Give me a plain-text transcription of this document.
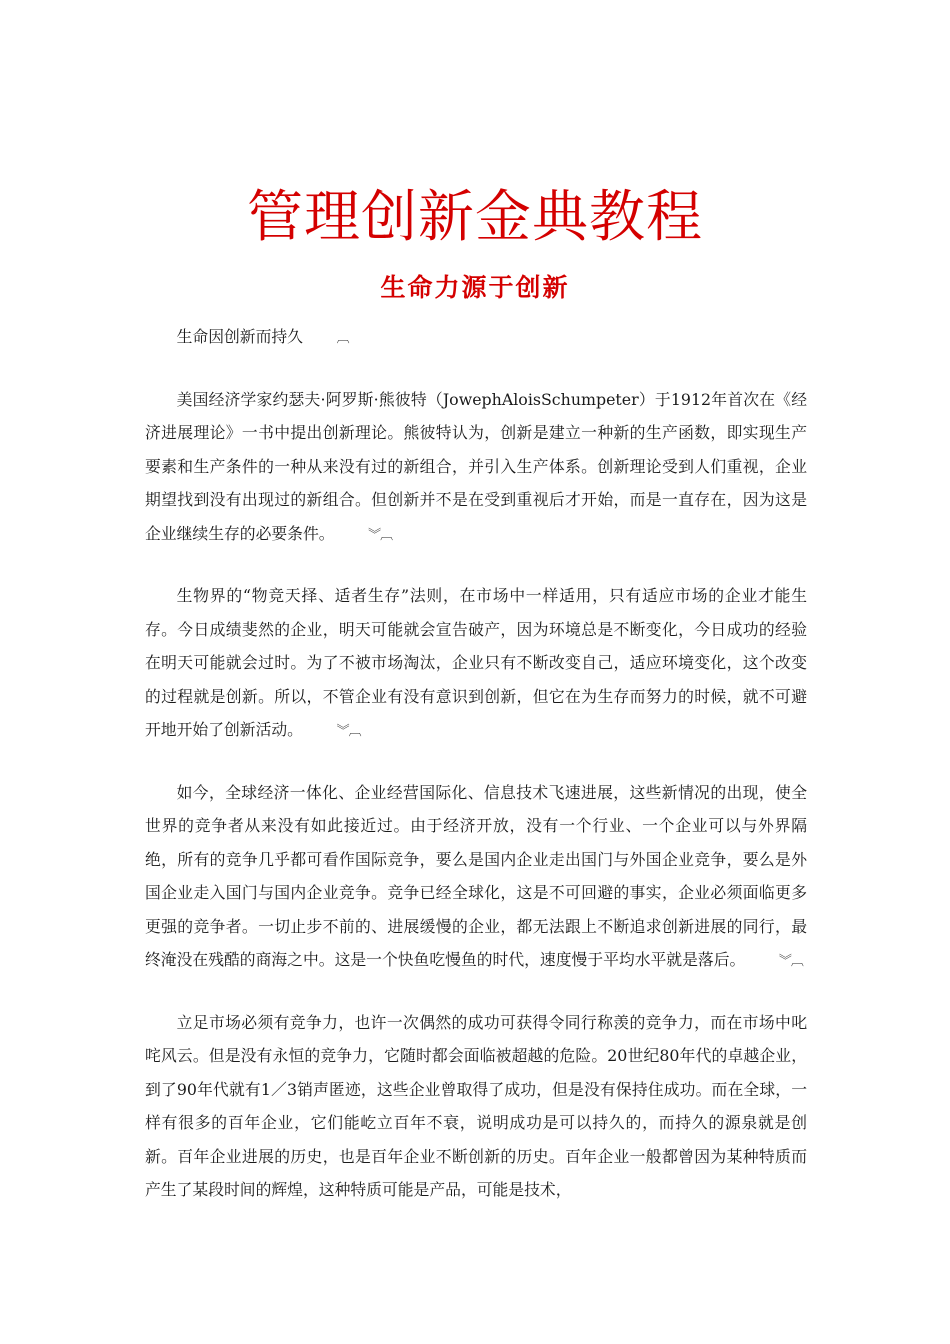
管理创新金典教程
生命力源于创新

生命因创新而持久	︹

美国经济学家约瑟夫·阿罗斯·熊彼特（JowephAloisSchumpeter）于1912年首次在《经济进展理论》一书中提出创新理论。熊彼特认为，创新是建立一种新的生产函数，即实现生产要素和生产条件的一种从来没有过的新组合，并引入生产体系。创新理论受到人们重视，企业期望找到没有出现过的新组合。但创新并不是在受到重视后才开始，而是一直存在，因为这是企业继续生存的必要条件。	︾︹

生物界的“物竞天择、适者生存”法则，在市场中一样适用，只有适应市场的企业才能生存。今日成绩斐然的企业，明天可能就会宣告破产，因为环境总是不断变化，今日成功的经验在明天可能就会过时。为了不被市场淘汰，企业只有不断改变自己，适应环境变化，这个改变的过程就是创新。所以，不管企业有没有意识到创新，但它在为生存而努力的时候，就不可避开地开始了创新活动。	︾︹

如今，全球经济一体化、企业经营国际化、信息技术飞速进展，这些新情况的出现，使全世界的竞争者从来没有如此接近过。由于经济开放，没有一个行业、一个企业可以与外界隔绝，所有的竞争几乎都可看作国际竞争，要么是国内企业走出国门与外国企业竞争，要么是外国企业走入国门与国内企业竞争。竞争已经全球化，这是不可回避的事实，企业必须面临更多更强的竞争者。一切止步不前的、进展缓慢的企业，都无法跟上不断追求创新进展的同行，最终淹没在残酷的商海之中。这是一个快鱼吃慢鱼的时代，速度慢于平均水平就是落后。	︾︹

立足市场必须有竞争力，也许一次偶然的成功可获得令同行称羡的竞争力，而在市场中叱咤风云。但是没有永恒的竞争力，它随时都会面临被超越的危险。20世纪80年代的卓越企业，到了90年代就有1／3销声匿迹，这些企业曾取得了成功，但是没有保持住成功。而在全球，一样有很多的百年企业，它们能屹立百年不衰，说明成功是可以持久的，而持久的源泉就是创新。百年企业进展的历史，也是百年企业不断创新的历史。百年企业一般都曾因为某种特质而产生了某段时间的辉煌，这种特质可能是产品，可能是技术，
